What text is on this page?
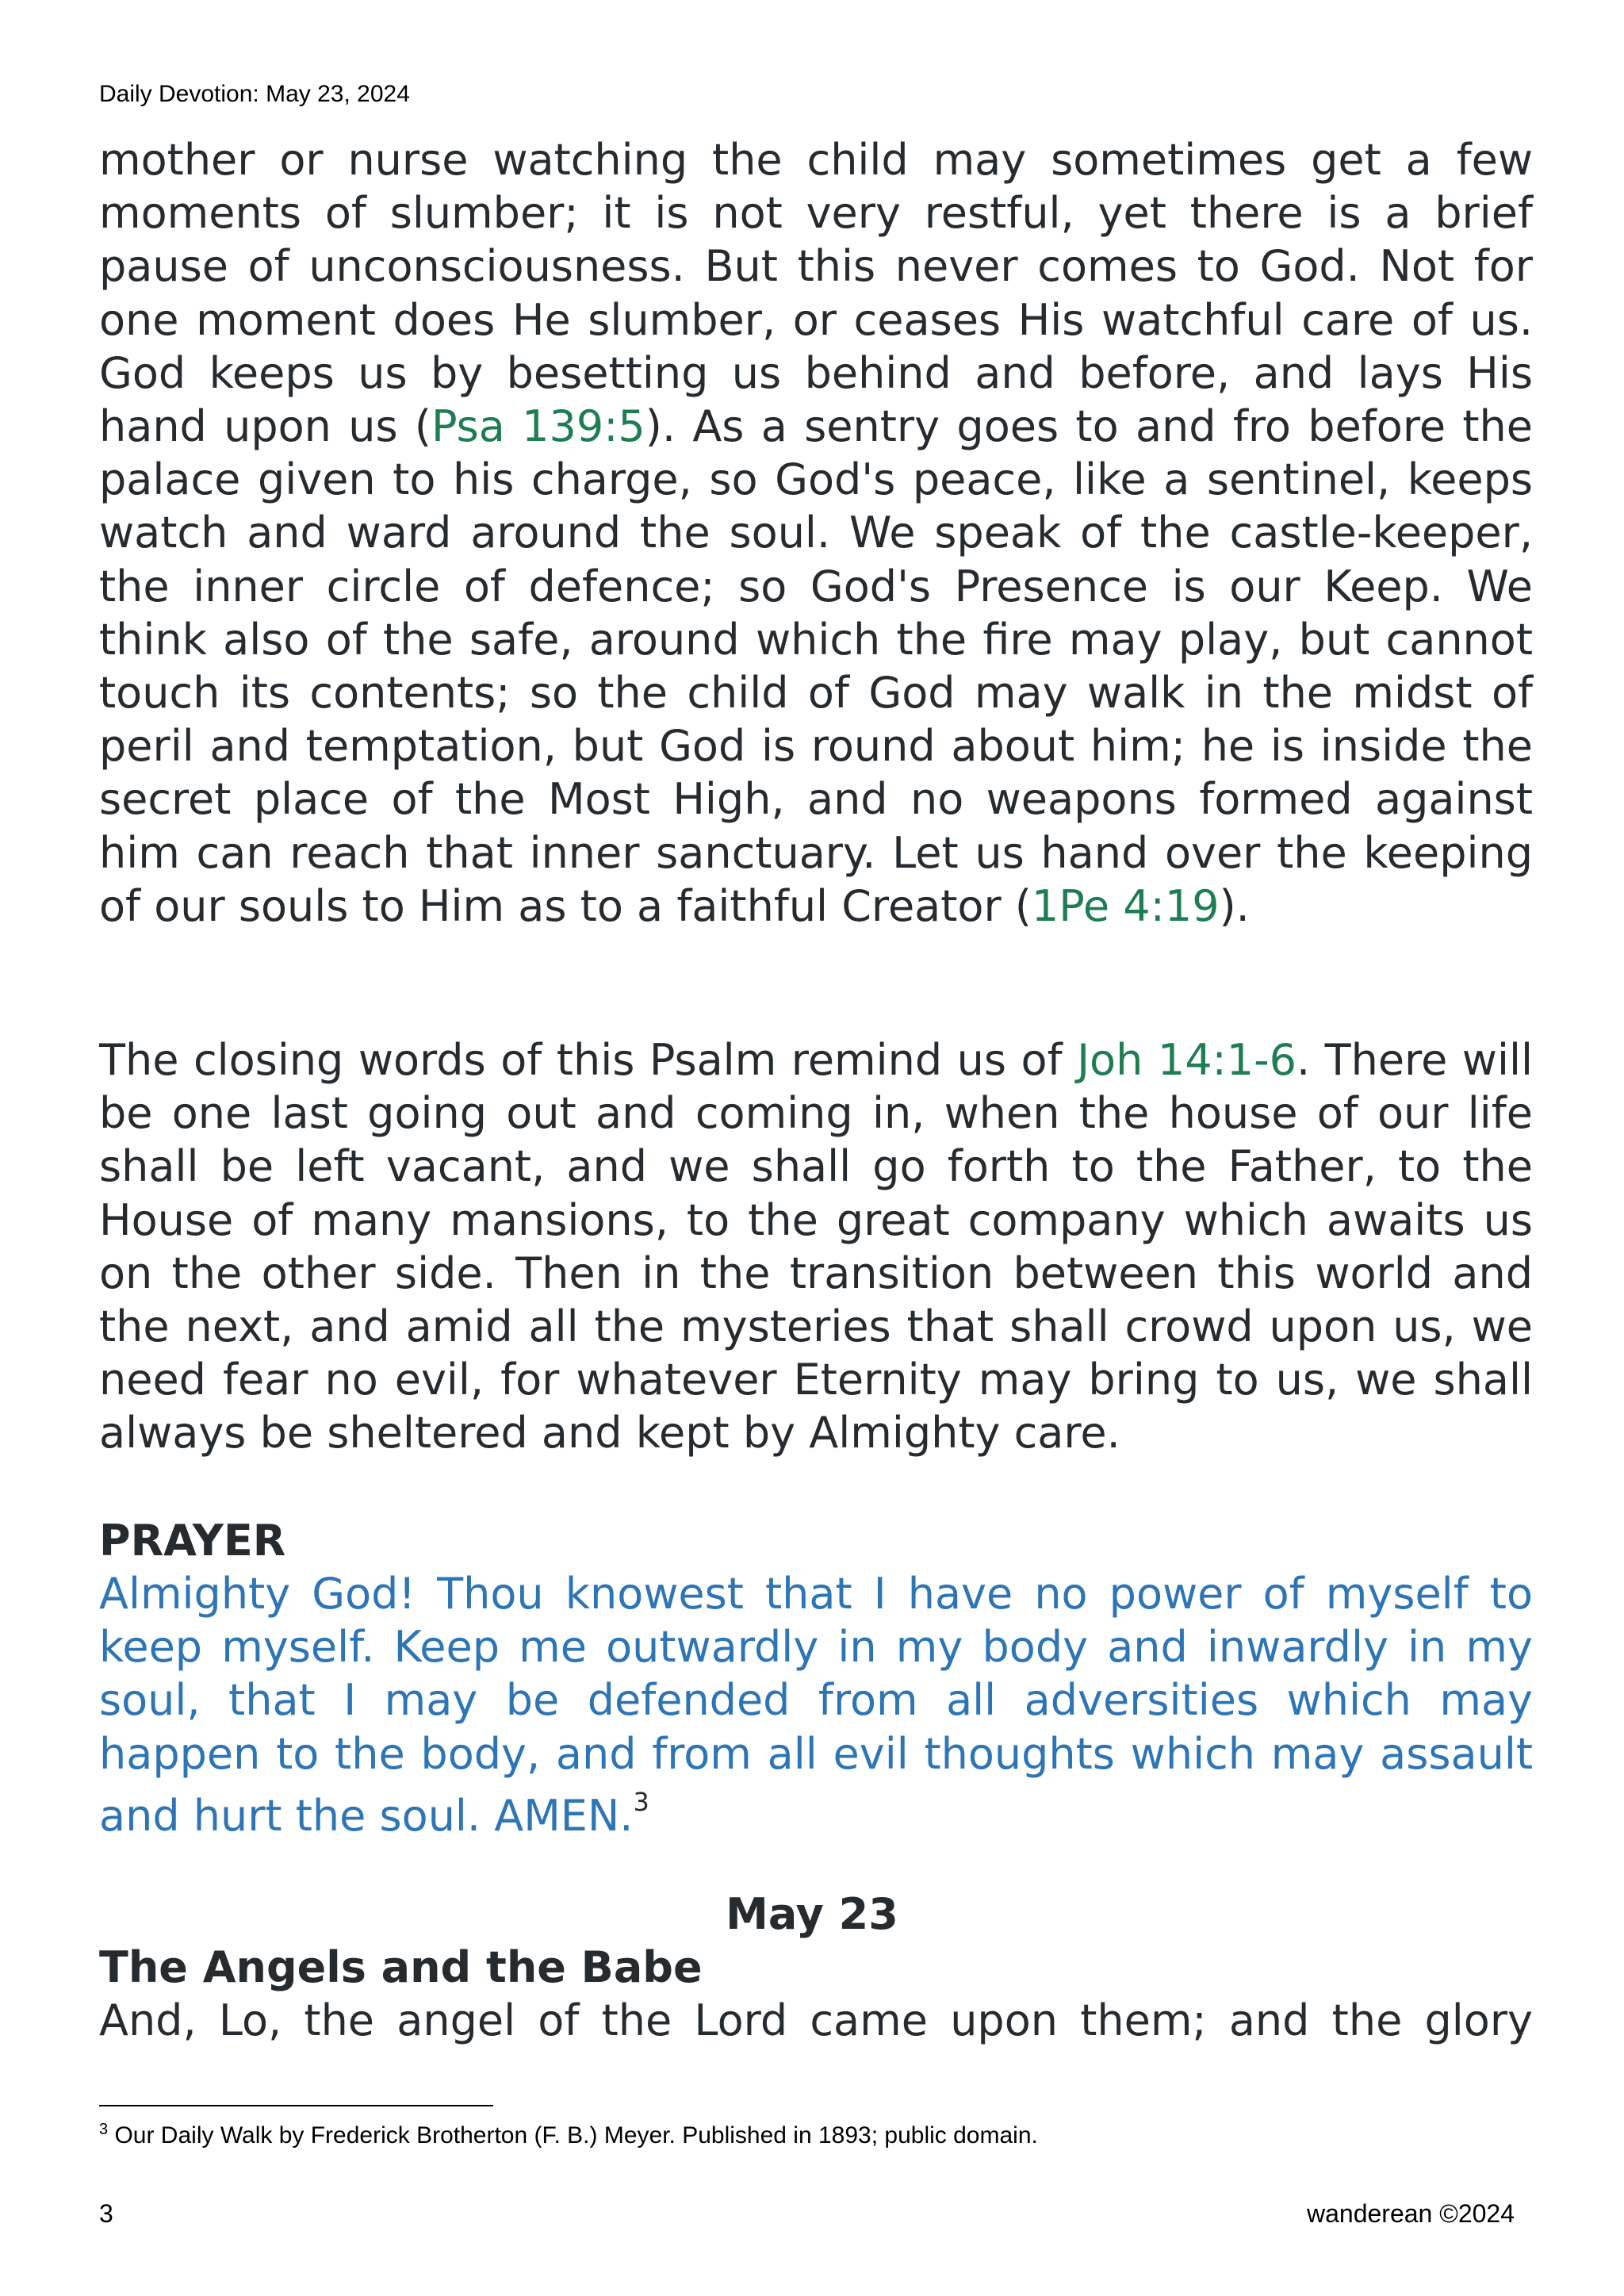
Daily Devotion: May 23, 2024
mother or nurse watching the child may sometimes get a few moments of slumber; it is not very restful, yet there is a brief pause of unconsciousness. But this never comes to God. Not for one moment does He slumber, or ceases His watchful care of us. God keeps us by besetting us behind and before, and lays His hand upon us (Psa 139:5). As a sentry goes to and fro before the palace given to his charge, so God's peace, like a sentinel, keeps watch and ward around the soul. We speak of the castle-keeper, the inner circle of defence; so God's Presence is our Keep. We think also of the safe, around which the fire may play, but cannot touch its contents; so the child of God may walk in the midst of peril and temptation, but God is round about him; he is inside the secret place of the Most High, and no weapons formed against him can reach that inner sanctuary. Let us hand over the keeping of our souls to Him as to a faithful Creator (1Pe 4:19).
The closing words of this Psalm remind us of Joh 14:1-6. There will be one last going out and coming in, when the house of our life shall be left vacant, and we shall go forth to the Father, to the House of many mansions, to the great company which awaits us on the other side. Then in the transition between this world and the next, and amid all the mysteries that shall crowd upon us, we need fear no evil, for whatever Eternity may bring to us, we shall always be sheltered and kept by Almighty care.
PRAYER
Almighty God! Thou knowest that I have no power of myself to keep myself. Keep me outwardly in my body and inwardly in my soul, that I may be defended from all adversities which may happen to the body, and from all evil thoughts which may assault and hurt the soul. AMEN.$^3$
May 23
The Angels and the Babe
And, Lo, the angel of the Lord came upon them; and the glory
$^3$ Our Daily Walk by Frederick Brotherton (F. B.) Meyer. Published in 1893; public domain.
3	wanderean ©2024
